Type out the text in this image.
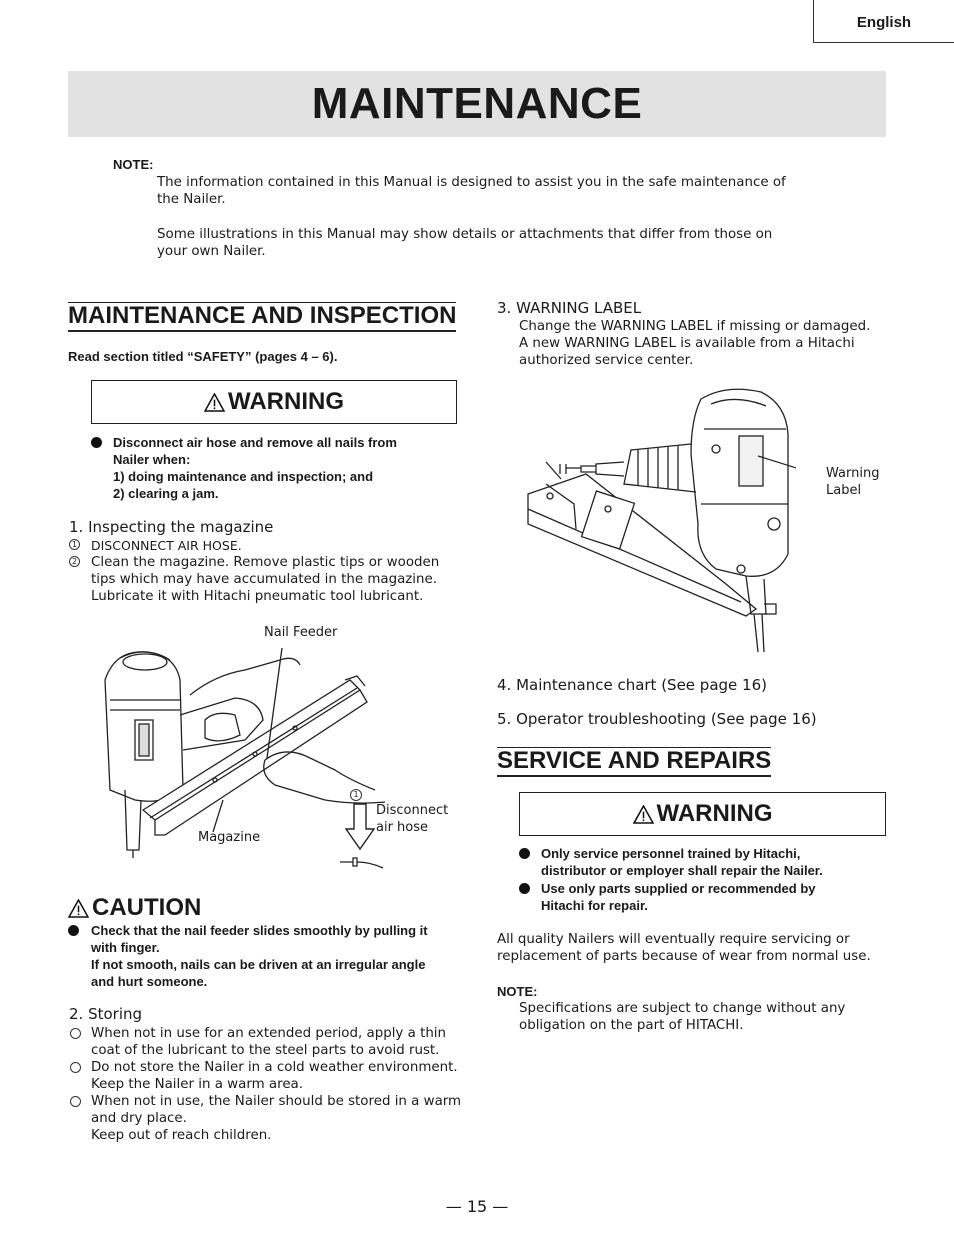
English
MAINTENANCE
NOTE:
The information contained in this Manual is designed to assist you in the safe maintenance of
the Nailer.
Some illustrations in this Manual may show details or attachments that differ from those on
your own Nailer.
MAINTENANCE AND INSPECTION
Read section titled “SAFETY” (pages 4 – 6).
WARNING
Disconnect air hose and remove all nails from
Nailer when:
1) doing maintenance and inspection; and
2) clearing a jam.
1. Inspecting the magazine
1 DISCONNECT AIR HOSE.
2 Clean the magazine. Remove plastic tips or wooden
tips which may have accumulated in the magazine.
Lubricate it with Hitachi pneumatic tool lubricant.
Nail Feeder
Magazine
1
Disconnect
air hose
CAUTION
Check that the nail feeder slides smoothly by pulling it
with finger.
If not smooth, nails can be driven at an irregular angle
and hurt someone.
2. Storing
When not in use for an extended period, apply a thin
coat of the lubricant to the steel parts to avoid rust.
Do not store the Nailer in a cold weather environment.
Keep the Nailer in a warm area.
When not in use, the Nailer should be stored in a warm
and dry place.
Keep out of reach children.
3. WARNING LABEL
Change the WARNING LABEL if missing or damaged.
A new WARNING LABEL is available from a Hitachi
authorized service center.
Warning
Label
4. Maintenance chart (See page 16)
5. Operator troubleshooting (See page 16)
SERVICE AND REPAIRS
WARNING
Only service personnel trained by Hitachi,
distributor or employer shall repair the Nailer.
Use only parts supplied or recommended by
Hitachi for repair.
All quality Nailers will eventually require servicing or
replacement of parts because of wear from normal use.
NOTE:
Specifications are subject to change without any
obligation on the part of HITACHI.
— 15 —
